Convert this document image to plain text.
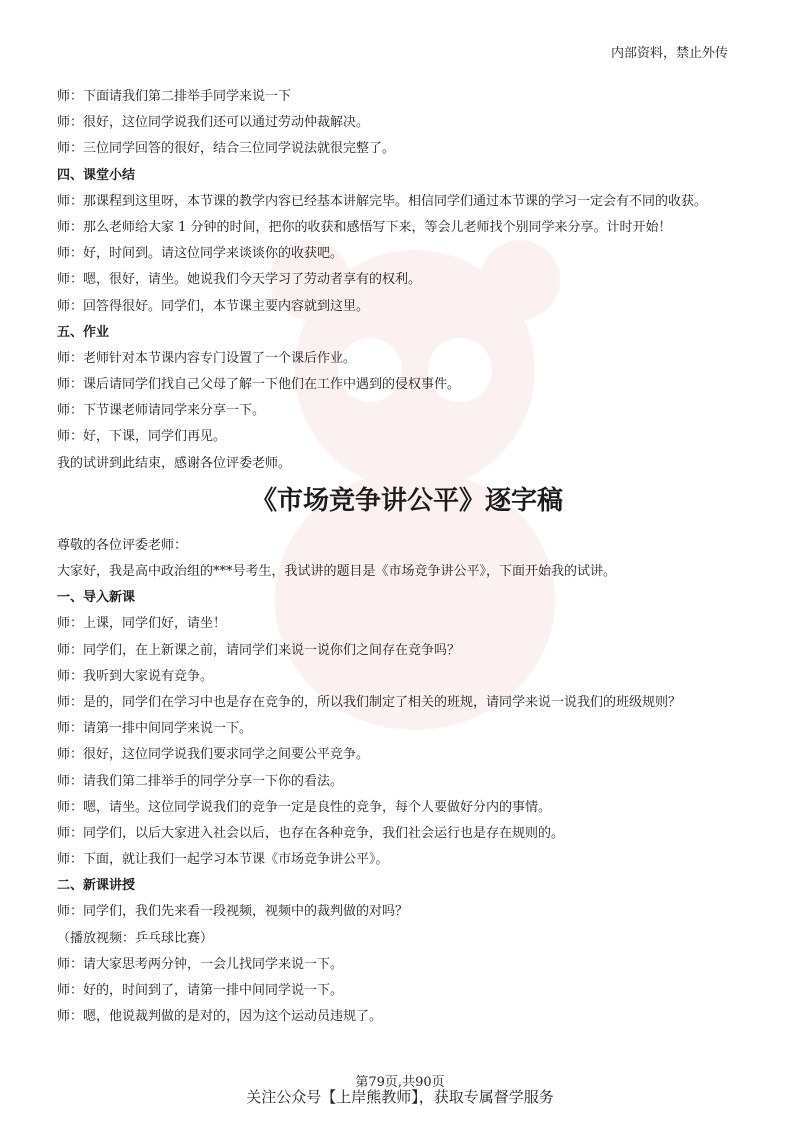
内部资料，禁止外传
师：下面请我们第二排举手同学来说一下
师：很好，这位同学说我们还可以通过劳动仲裁解决。
师：三位同学回答的很好，结合三位同学说法就很完整了。
四、课堂小结
师：那课程到这里呀，本节课的教学内容已经基本讲解完毕。相信同学们通过本节课的学习一定会有不同的收获。
师：那么老师给大家 1 分钟的时间，把你的收获和感悟写下来，等会儿老师找个别同学来分享。计时开始！
师：好，时间到。请这位同学来谈谈你的收获吧。
师：嗯，很好，请坐。她说我们今天学习了劳动者享有的权利。
师：回答得很好。同学们，本节课主要内容就到这里。
五、作业
师：老师针对本节课内容专门设置了一个课后作业。
师：课后请同学们找自己父母了解一下他们在工作中遇到的侵权事件。
师：下节课老师请同学来分享一下。
师：好，下课，同学们再见。
我的试讲到此结束，感谢各位评委老师。
《市场竞争讲公平》逐字稿
尊敬的各位评委老师：
大家好，我是高中政治组的***号考生，我试讲的题目是《市场竞争讲公平》，下面开始我的试讲。
一、导入新课
师：上课，同学们好，请坐！
师：同学们，在上新课之前，请同学们来说一说你们之间存在竞争吗？
师：我听到大家说有竞争。
师：是的，同学们在学习中也是存在竞争的，所以我们制定了相关的班规，请同学来说一说我们的班级规则？
师：请第一排中间同学来说一下。
师：很好，这位同学说我们要求同学之间要公平竞争。
师：请我们第二排举手的同学分享一下你的看法。
师：嗯，请坐。这位同学说我们的竞争一定是良性的竞争，每个人要做好分内的事情。
师：同学们，以后大家进入社会以后，也存在各种竞争，我们社会运行也是存在规则的。
师：下面，就让我们一起学习本节课《市场竞争讲公平》。
二、新课讲授
师：同学们，我们先来看一段视频，视频中的裁判做的对吗？
（播放视频：乒乓球比赛）
师：请大家思考两分钟，一会儿找同学来说一下。
师：好的，时间到了，请第一排中间同学说一下。
师：嗯，他说裁判做的是对的，因为这个运动员违规了。
第79页,共90页
关注公众号【上岸熊教师】，获取专属督学服务
